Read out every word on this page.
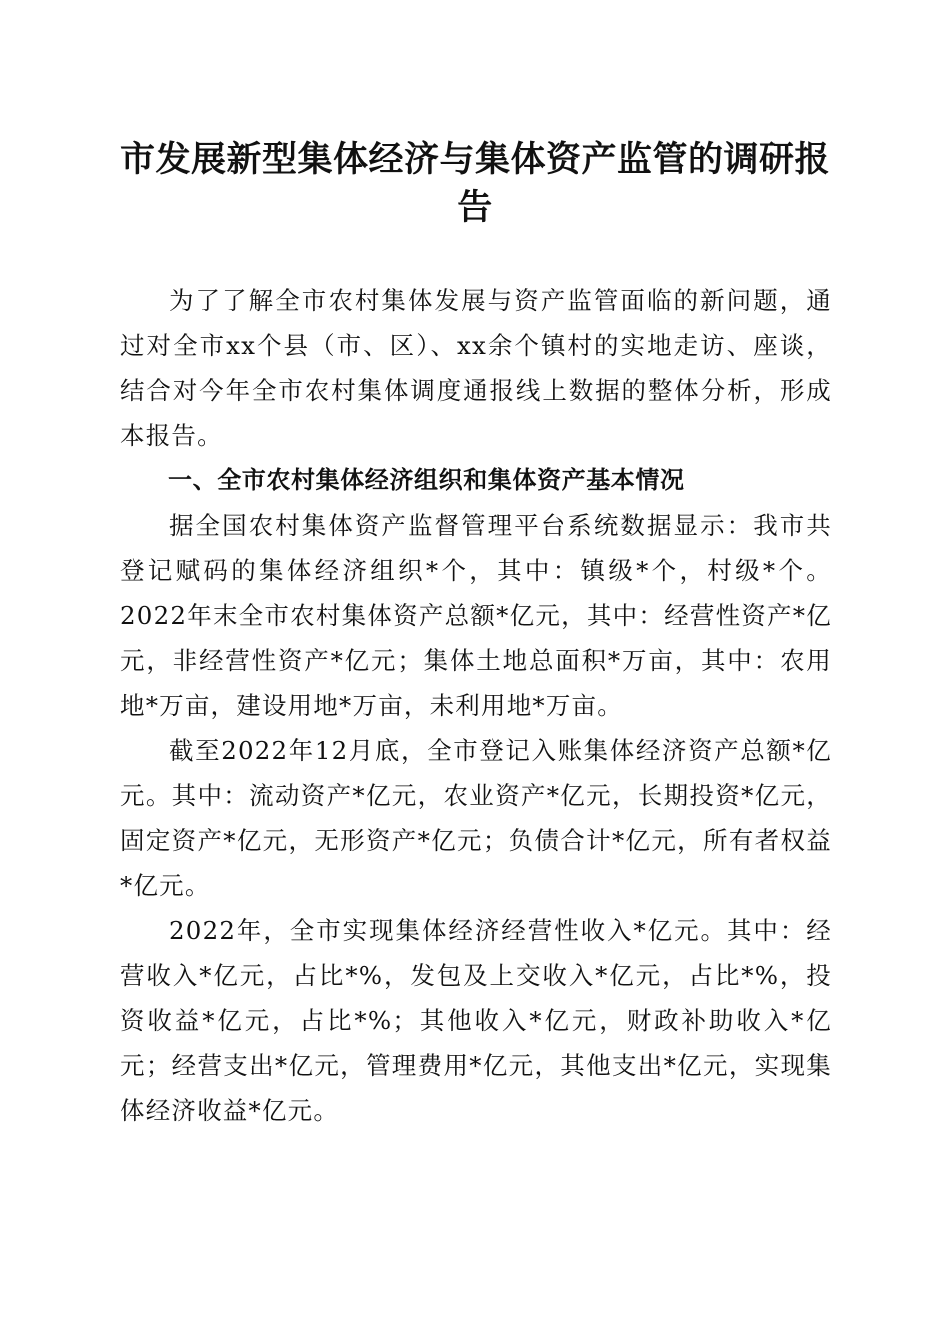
市发展新型集体经济与集体资产监管的调研报告

为了了解全市农村集体发展与资产监管面临的新问题，通过对全市xx个县（市、区）、xx余个镇村的实地走访、座谈，结合对今年全市农村集体调度通报线上数据的整体分析，形成本报告。

一、全市农村集体经济组织和集体资产基本情况

据全国农村集体资产监督管理平台系统数据显示：我市共登记赋码的集体经济组织*个，其中：镇级*个，村级*个。2022年末全市农村集体资产总额*亿元，其中：经营性资产*亿元，非经营性资产*亿元；集体土地总面积*万亩，其中：农用地*万亩，建设用地*万亩，未利用地*万亩。

截至2022年12月底，全市登记入账集体经济资产总额*亿元。其中：流动资产*亿元，农业资产*亿元，长期投资*亿元，固定资产*亿元，无形资产*亿元；负债合计*亿元，所有者权益*亿元。

2022年，全市实现集体经济经营性收入*亿元。其中：经营收入*亿元，占比*%，发包及上交收入*亿元，占比*%，投资收益*亿元，占比*%；其他收入*亿元，财政补助收入*亿元；经营支出*亿元，管理费用*亿元，其他支出*亿元，实现集体经济收益*亿元。
